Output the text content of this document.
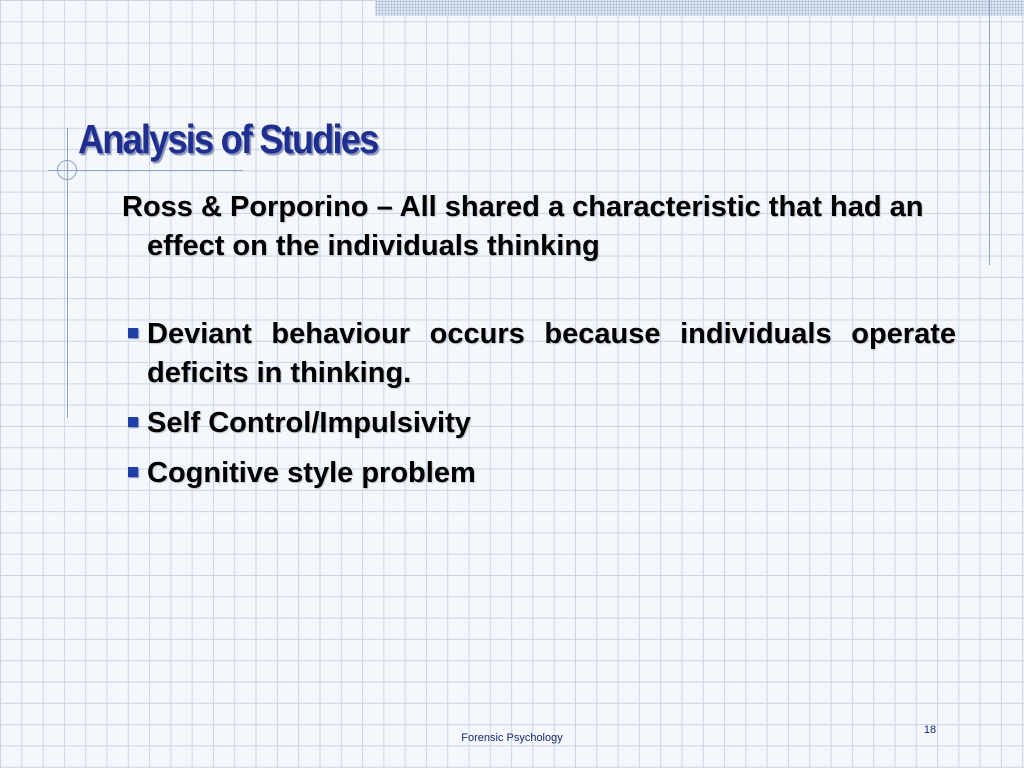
Analysis of Studies

Ross & Porporino – All shared a characteristic that had an effect on the individuals thinking

Deviant behaviour occurs because individuals operate deficits in thinking.
Self Control/Impulsivity
Cognitive style problem
Forensic Psychology
18
